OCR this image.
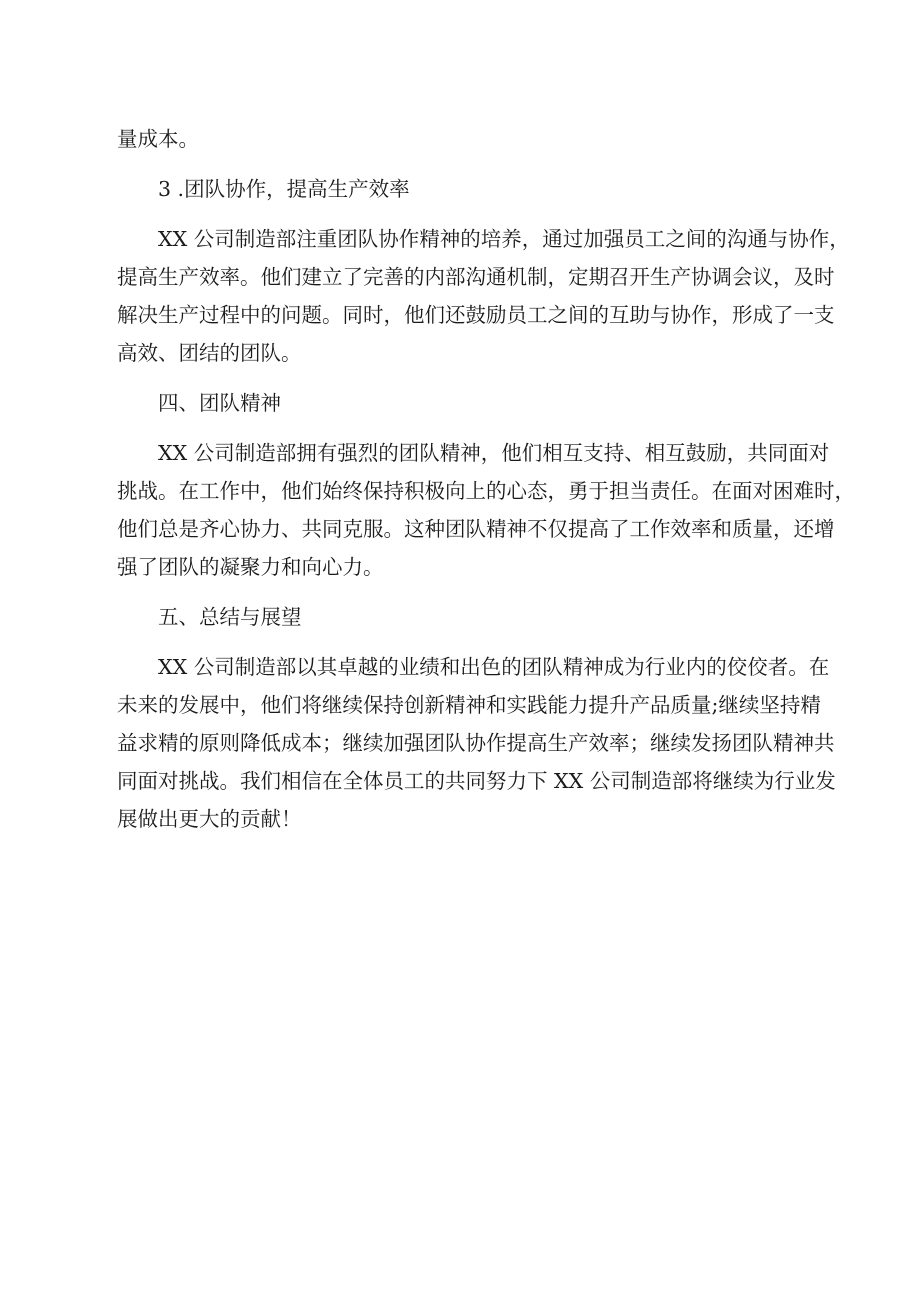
量成本。
3 .团队协作，提高生产效率
XX 公司制造部注重团队协作精神的培养，通过加强员工之间的沟通与协作，
提高生产效率。他们建立了完善的内部沟通机制，定期召开生产协调会议，及时
解决生产过程中的问题。同时，他们还鼓励员工之间的互助与协作，形成了一支
高效、团结的团队。
四、团队精神
XX 公司制造部拥有强烈的团队精神，他们相互支持、相互鼓励，共同面对
挑战。在工作中，他们始终保持积极向上的心态，勇于担当责任。在面对困难时，
他们总是齐心协力、共同克服。这种团队精神不仅提高了工作效率和质量，还增
强了团队的凝聚力和向心力。
五、总结与展望
XX 公司制造部以其卓越的业绩和出色的团队精神成为行业内的佼佼者。在
未来的发展中，他们将继续保持创新精神和实践能力提升产品质量;继续坚持精
益求精的原则降低成本；继续加强团队协作提高生产效率；继续发扬团队精神共
同面对挑战。我们相信在全体员工的共同努力下 XX 公司制造部将继续为行业发
展做出更大的贡献！
